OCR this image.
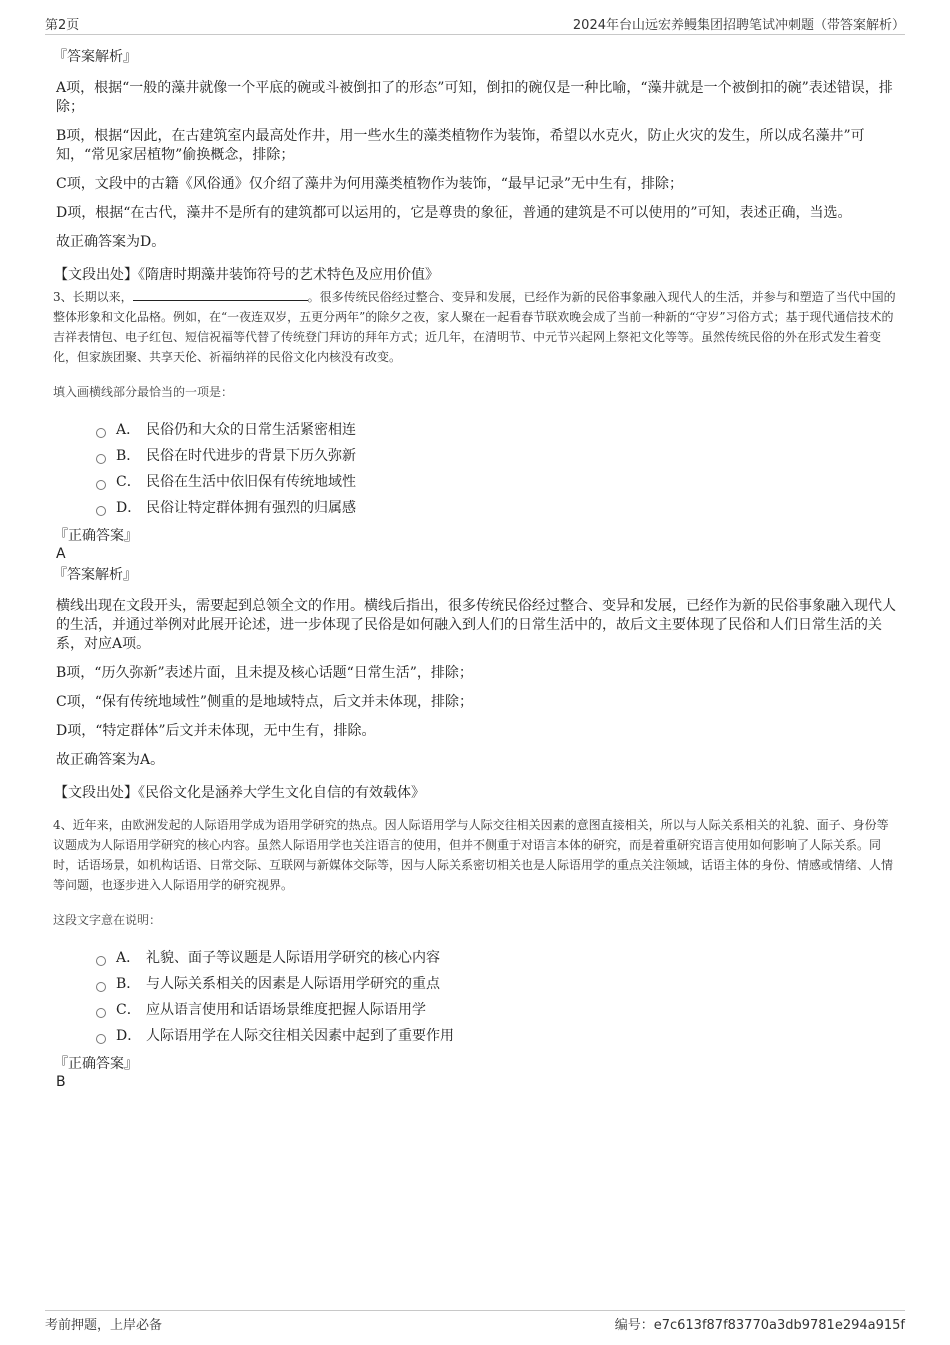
第2页	2024年台山远宏养鳗集团招聘笔试冲刺题（带答案解析）
『答案解析』

A项，根据“一般的藻井就像一个平底的碗或斗被倒扣了的形态”可知，倒扣的碗仅是一种比喻，“藻井就是一个被倒扣的碗”表述错误，排除；

B项，根据“因此，在古建筑室内最高处作井，用一些水生的藻类植物作为装饰，希望以水克火，防止火灾的发生，所以成名藻井”可知，“常见家居植物”偷换概念，排除；

C项，文段中的古籍《风俗通》仅介绍了藻井为何用藻类植物作为装饰，“最早记录”无中生有，排除；

D项，根据“在古代，藻井不是所有的建筑都可以运用的，它是尊贵的象征，普通的建筑是不可以使用的”可知，表述正确，当选。

故正确答案为D。

【文段出处】《隋唐时期藻井装饰符号的艺术特色及应用价值》
3、长期以来，	。很多传统民俗经过整合、变异和发展，已经作为新的民俗事象融入现代人的生活，并参与和塑造了当代中国的整体形象和文化品格。例如，在“一夜连双岁，五更分两年”的除夕之夜，家人聚在一起看春节联欢晚会成了当前一种新的“守岁”习俗方式；基于现代通信技术的吉祥表情包、电子红包、短信祝福等代替了传统登门拜访的拜年方式；近几年，在清明节、中元节兴起网上祭祀文化等等。虽然传统民俗的外在形式发生着变化，但家族团聚、共享天伦、祈福纳祥的民俗文化内核没有改变。
填入画横线部分最恰当的一项是：
A． 民俗仍和大众的日常生活紧密相连
B． 民俗在时代进步的背景下历久弥新
C． 民俗在生活中依旧保有传统地域性
D． 民俗让特定群体拥有强烈的归属感
『正确答案』
A
『答案解析』

横线出现在文段开头，需要起到总领全文的作用。横线后指出，很多传统民俗经过整合、变异和发展，已经作为新的民俗事象融入现代人的生活，并通过举例对此展开论述，进一步体现了民俗是如何融入到人们的日常生活中的，故后文主要体现了民俗和人们日常生活的关系，对应A项。

B项，“历久弥新”表述片面，且未提及核心话题“日常生活”，排除；

C项，“保有传统地域性”侧重的是地域特点，后文并未体现，排除；

D项，“特定群体”后文并未体现，无中生有，排除。

故正确答案为A。

【文段出处】《民俗文化是涵养大学生文化自信的有效载体》
4、近年来，由欧洲发起的人际语用学成为语用学研究的热点。因人际语用学与人际交往相关因素的意图直接相关，所以与人际关系相关的礼貌、面子、身份等议题成为人际语用学研究的核心内容。虽然人际语用学也关注语言的使用，但并不侧重于对语言本体的研究，而是着重研究语言使用如何影响了人际关系。同时，话语场景，如机构话语、日常交际、互联网与新媒体交际等，因与人际关系密切相关也是人际语用学的重点关注领域，话语主体的身份、情感或情绪、人情等问题，也逐步进入人际语用学的研究视界。
这段文字意在说明：
A． 礼貌、面子等议题是人际语用学研究的核心内容
B． 与人际关系相关的因素是人际语用学研究的重点
C． 应从语言使用和话语场景维度把握人际语用学
D． 人际语用学在人际交往相关因素中起到了重要作用
『正确答案』
B
考前押题，上岸必备	编号：e7c613f87f83770a3db9781e294a915f
